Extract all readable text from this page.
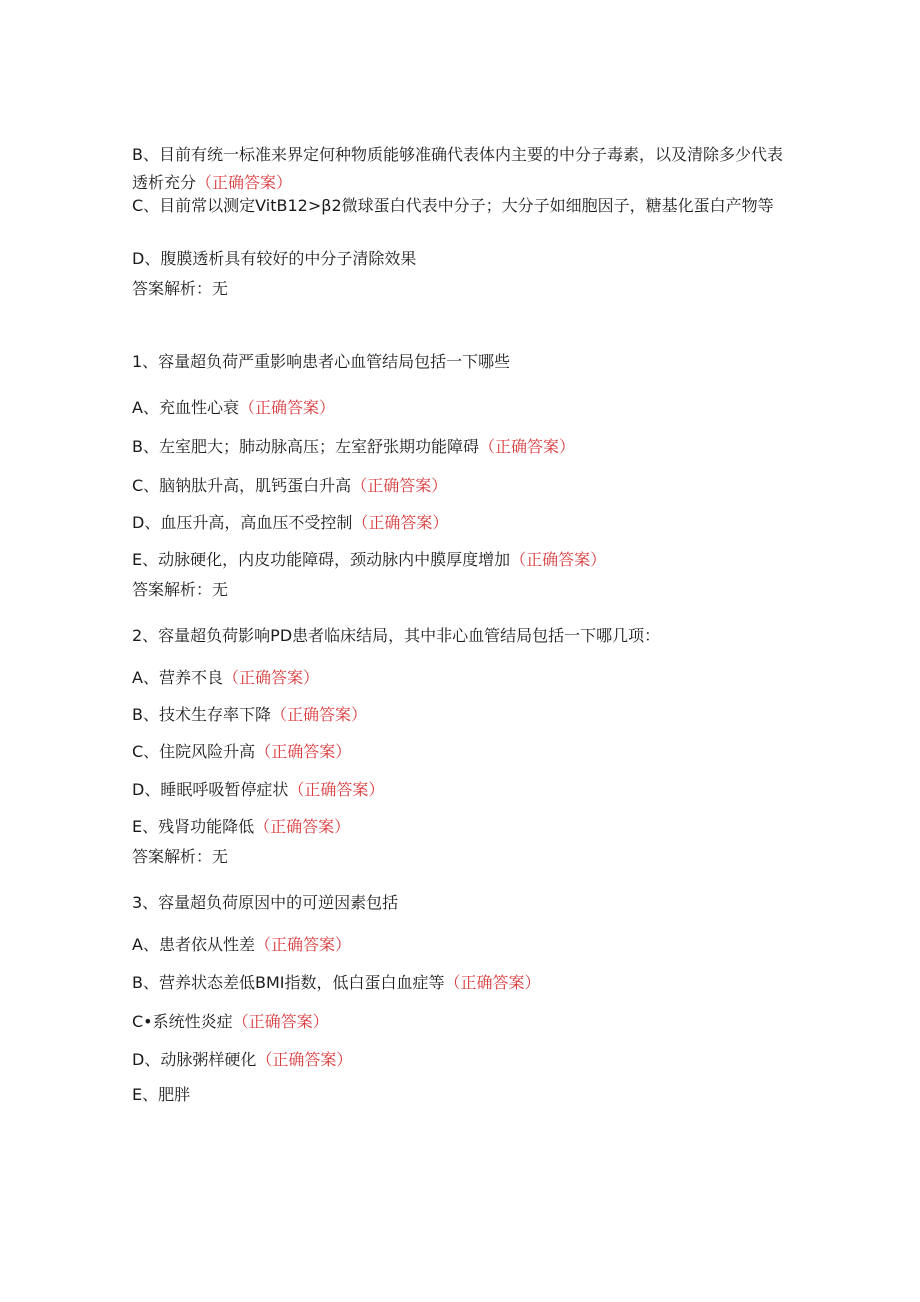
B、目前有统一标准来界定何种物质能够准确代表体内主要的中分子毒素，以及清除多少代表透析充分（正确答案）
C、目前常以测定VitB12>β2微球蛋白代表中分子；大分子如细胞因子，糖基化蛋白产物等
D、腹膜透析具有较好的中分子清除效果
答案解析：无
1、容量超负荷严重影响患者心血管结局包括一下哪些
A、充血性心衰（正确答案）
B、左室肥大；肺动脉高压；左室舒张期功能障碍（正确答案）
C、脑钠肽升高，肌钙蛋白升高（正确答案）
D、血压升高，高血压不受控制（正确答案）
E、动脉硬化，内皮功能障碍，颈动脉内中膜厚度增加（正确答案）
答案解析：无
2、容量超负荷影响PD患者临床结局，其中非心血管结局包括一下哪几项：
A、营养不良（正确答案）
B、技术生存率下降（正确答案）
C、住院风险升高（正确答案）
D、睡眠呼吸暂停症状（正确答案）
E、残肾功能降低（正确答案）
答案解析：无
3、容量超负荷原因中的可逆因素包括
A、患者依从性差（正确答案）
B、营养状态差低BMI指数，低白蛋白血症等（正确答案）
C•系统性炎症（正确答案）
D、动脉粥样硬化（正确答案）
E、肥胖
